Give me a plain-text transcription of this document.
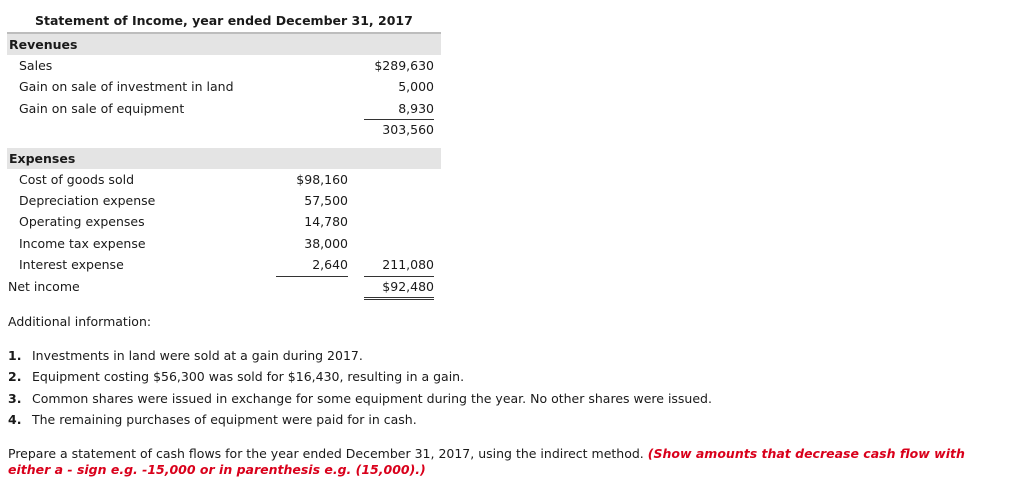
Statement of Income, year ended December 31, 2017
Revenues
Sales	$289,630
Gain on sale of investment in land	5,000
Gain on sale of equipment	8,930
303,560
Expenses
Cost of goods sold	$98,160
Depreciation expense	57,500
Operating expenses	14,780
Income tax expense	38,000
Interest expense	2,640	211,080
Net income	$92,480
Additional information:
1. Investments in land were sold at a gain during 2017.
2. Equipment costing $56,300 was sold for $16,430, resulting in a gain.
3. Common shares were issued in exchange for some equipment during the year. No other shares were issued.
4. The remaining purchases of equipment were paid for in cash.
Prepare a statement of cash flows for the year ended December 31, 2017, using the indirect method. (Show amounts that decrease cash flow with either a - sign e.g. -15,000 or in parenthesis e.g. (15,000).)
